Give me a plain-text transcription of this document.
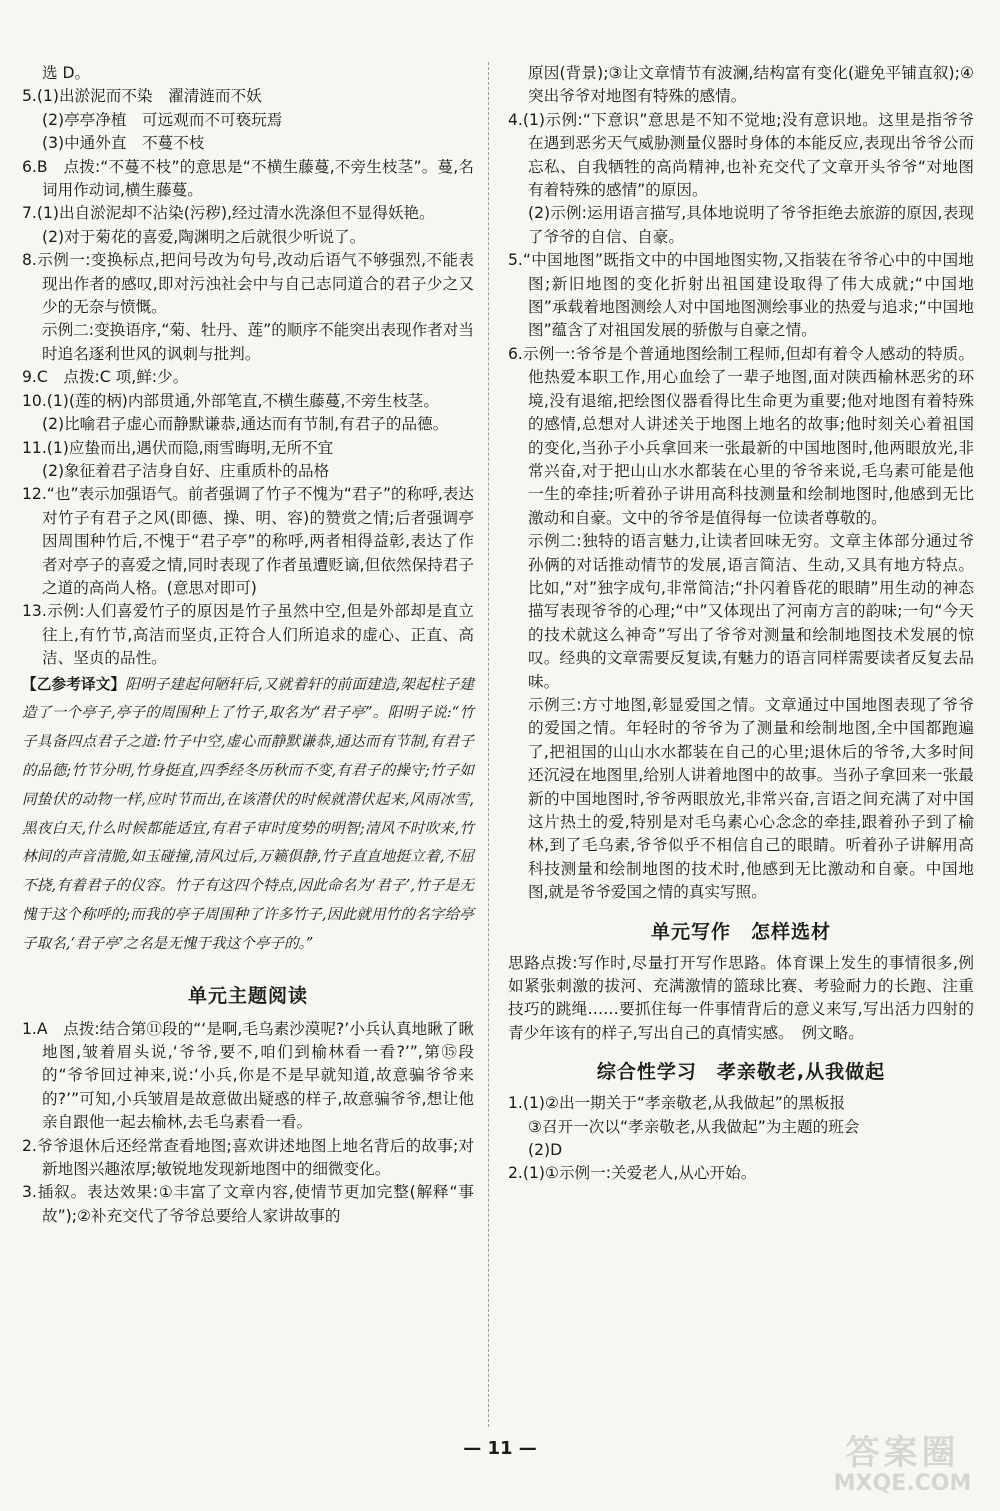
选 D。

5.(1)出淤泥而不染　濯清涟而不妖

(2)亭亭净植　可远观而不可亵玩焉

(3)中通外直　不蔓不枝

6.B　点拨:“不蔓不枝”的意思是“不横生藤蔓,不旁生枝茎”。蔓,名词用作动词,横生藤蔓。

7.(1)出自淤泥却不沾染(污秽),经过清水洗涤但不显得妖艳。

(2)对于菊花的喜爱,陶渊明之后就很少听说了。

8.示例一:变换标点,把问号改为句号,改动后语气不够强烈,不能表现出作者的感叹,即对污浊社会中与自己志同道合的君子少之又少的无奈与愤慨。

示例二:变换语序,“菊、牡丹、莲”的顺序不能突出表现作者对当时追名逐利世风的讽刺与批判。

9.C　点拨:C 项,鲜:少。

10.(1)(莲的柄)内部贯通,外部笔直,不横生藤蔓,不旁生枝茎。

(2)比喻君子虚心而静默谦恭,通达而有节制,有君子的品德。

11.(1)应蛰而出,遇伏而隐,雨雪晦明,无所不宜

(2)象征着君子洁身自好、庄重质朴的品格

12.“也”表示加强语气。前者强调了竹子不愧为“君子”的称呼,表达对竹子有君子之风(即德、操、明、容)的赞赏之情;后者强调亭因周围种竹后,不愧于“君子亭”的称呼,两者相得益彰,表达了作者对亭子的喜爱之情,同时表现了作者虽遭贬谪,但依然保持君子之道的高尚人格。(意思对即可)

13.示例:人们喜爱竹子的原因是竹子虽然中空,但是外部却是直立往上,有竹节,高洁而坚贞,正符合人们所追求的虚心、正直、高洁、坚贞的品性。

【乙参考译文】阳明子建起何陋轩后,又就着轩的前面建造,架起柱子建造了一个亭子,亭子的周围种上了竹子,取名为“君子亭”。阳明子说:“竹子具备四点君子之道:竹子中空,虚心而静默谦恭,通达而有节制,有君子的品德;竹节分明,竹身挺直,四季经冬历秋而不变,有君子的操守;竹子如同蛰伏的动物一样,应时节而出,在该潜伏的时候就潜伏起来,风雨冰雪,黑夜白天,什么时候都能适宜,有君子审时度势的明智;清风不时吹来,竹林间的声音清脆,如玉碰撞,清风过后,万籁俱静,竹子直直地挺立着,不屈不挠,有着君子的仪容。竹子有这四个特点,因此命名为‘君子’,竹子是无愧于这个称呼的;而我的亭子周围种了许多竹子,因此就用竹的名字给亭子取名,‘君子亭’之名是无愧于我这个亭子的。”

单元主题阅读

1.A　点拨:结合第⑪段的“‘是啊,毛乌素沙漠呢?’小兵认真地瞅了瞅地图,皱着眉头说,‘爷爷,要不,咱们到榆林看一看?’”,第⑮段的“爷爷回过神来,说:‘小兵,你是不是早就知道,故意骗爷爷来的?’”可知,小兵皱眉是故意做出疑惑的样子,故意骗爷爷,想让他亲自跟他一起去榆林,去毛乌素看一看。

2.爷爷退休后还经常查看地图;喜欢讲述地图上地名背后的故事;对新地图兴趣浓厚;敏锐地发现新地图中的细微变化。

3.插叙。表达效果:①丰富了文章内容,使情节更加完整(解释“事故”);②补充交代了爷爷总要给人家讲故事的

原因(背景);③让文章情节有波澜,结构富有变化(避免平铺直叙);④突出爷爷对地图有特殊的感情。

4.(1)示例:“下意识”意思是不知不觉地;没有意识地。这里是指爷爷在遇到恶劣天气威胁测量仪器时身体的本能反应,表现出爷爷公而忘私、自我牺牲的高尚精神,也补充交代了文章开头爷爷“对地图有着特殊的感情”的原因。

(2)示例:运用语言描写,具体地说明了爷爷拒绝去旅游的原因,表现了爷爷的自信、自豪。

5.“中国地图”既指文中的中国地图实物,又指装在爷爷心中的中国地图;新旧地图的变化折射出祖国建设取得了伟大成就;“中国地图”承载着地图测绘人对中国地图测绘事业的热爱与追求;“中国地图”蕴含了对祖国发展的骄傲与自豪之情。

6.示例一:爷爷是个普通地图绘制工程师,但却有着令人感动的特质。他热爱本职工作,用心血绘了一辈子地图,面对陕西榆林恶劣的环境,没有退缩,把绘图仪器看得比生命更为重要;他对地图有着特殊的感情,总想对人讲述关于地图上地名的故事;他时刻关心着祖国的变化,当孙子小兵拿回来一张最新的中国地图时,他两眼放光,非常兴奋,对于把山山水水都装在心里的爷爷来说,毛乌素可能是他一生的牵挂;听着孙子讲用高科技测量和绘制地图时,他感到无比激动和自豪。文中的爷爷是值得每一位读者尊敬的。

示例二:独特的语言魅力,让读者回味无穷。文章主体部分通过爷孙俩的对话推动情节的发展,语言简洁、生动,又具有地方特点。比如,“对”独字成句,非常简洁;“扑闪着昏花的眼睛”用生动的神态描写表现爷爷的心理;“中”又体现出了河南方言的韵味;一句“今天的技术就这么神奇”写出了爷爷对测量和绘制地图技术发展的惊叹。经典的文章需要反复读,有魅力的语言同样需要读者反复去品味。

示例三:方寸地图,彰显爱国之情。文章通过中国地图表现了爷爷的爱国之情。年轻时的爷爷为了测量和绘制地图,全中国都跑遍了,把祖国的山山水水都装在自己的心里;退休后的爷爷,大多时间还沉浸在地图里,给别人讲着地图中的故事。当孙子拿回来一张最新的中国地图时,爷爷两眼放光,非常兴奋,言语之间充满了对中国这片热土的爱,特别是对毛乌素心心念念的牵挂,跟着孙子到了榆林,到了毛乌素,爷爷似乎不相信自己的眼睛。听着孙子讲解用高科技测量和绘制地图的技术时,他感到无比激动和自豪。中国地图,就是爷爷爱国之情的真实写照。

单元写作　怎样选材

思路点拨:写作时,尽量打开写作思路。体育课上发生的事情很多,例如紧张刺激的拔河、充满激情的篮球比赛、考验耐力的长跑、注重技巧的跳绳……要抓住每一件事情背后的意义来写,写出活力四射的青少年该有的样子,写出自己的真情实感。　例文略。

综合性学习　孝亲敬老,从我做起

1.(1)②出一期关于“孝亲敬老,从我做起”的黑板报

③召开一次以“孝亲敬老,从我做起”为主题的班会

(2)D

2.(1)①示例一:关爱老人,从心开始。

— 11 —	答案圈
MXQE.COM
